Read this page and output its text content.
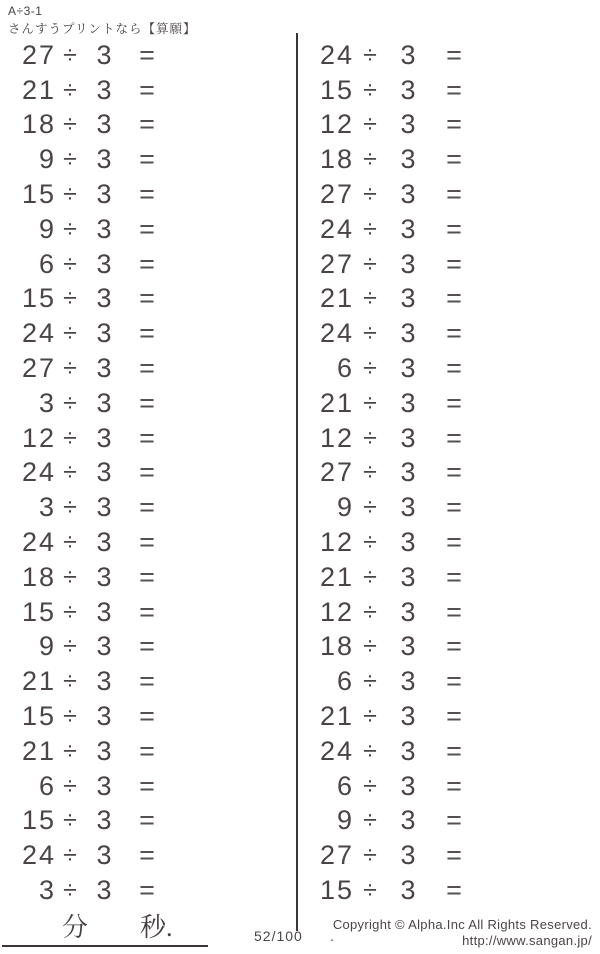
A÷3-1
さんすうプリントなら【算願】
27 ÷ 3	=
21 ÷ 3	=
18 ÷ 3	=
9 ÷ 3	=
15 ÷ 3	=
9 ÷ 3	=
6 ÷ 3	=
15 ÷ 3	=
24 ÷ 3	=
27 ÷ 3	=
3 ÷ 3	=
12 ÷ 3	=
24 ÷ 3	=
3 ÷ 3	=
24 ÷ 3	=
18 ÷ 3	=
15 ÷ 3	=
9 ÷ 3	=
21 ÷ 3	=
15 ÷ 3	=
21 ÷ 3	=
6 ÷ 3	=
15 ÷ 3	=
24 ÷ 3	=
3 ÷ 3	=
24 ÷ 3	=
15 ÷ 3	=
12 ÷ 3	=
18 ÷ 3	=
27 ÷ 3	=
24 ÷ 3	=
27 ÷ 3	=
21 ÷ 3	=
24 ÷ 3	=
6 ÷ 3	=
21 ÷ 3	=
12 ÷ 3	=
27 ÷ 3	=
9 ÷ 3	=
12 ÷ 3	=
21 ÷ 3	=
12 ÷ 3	=
18 ÷ 3	=
6 ÷ 3	=
21 ÷ 3	=
24 ÷ 3	=
6 ÷ 3	=
9 ÷ 3	=
27 ÷ 3	=
15 ÷ 3	=
分 秒.	52/100 .
Copyright © Alpha.Inc All Rights Reserved.
http://www.sangan.jp/
